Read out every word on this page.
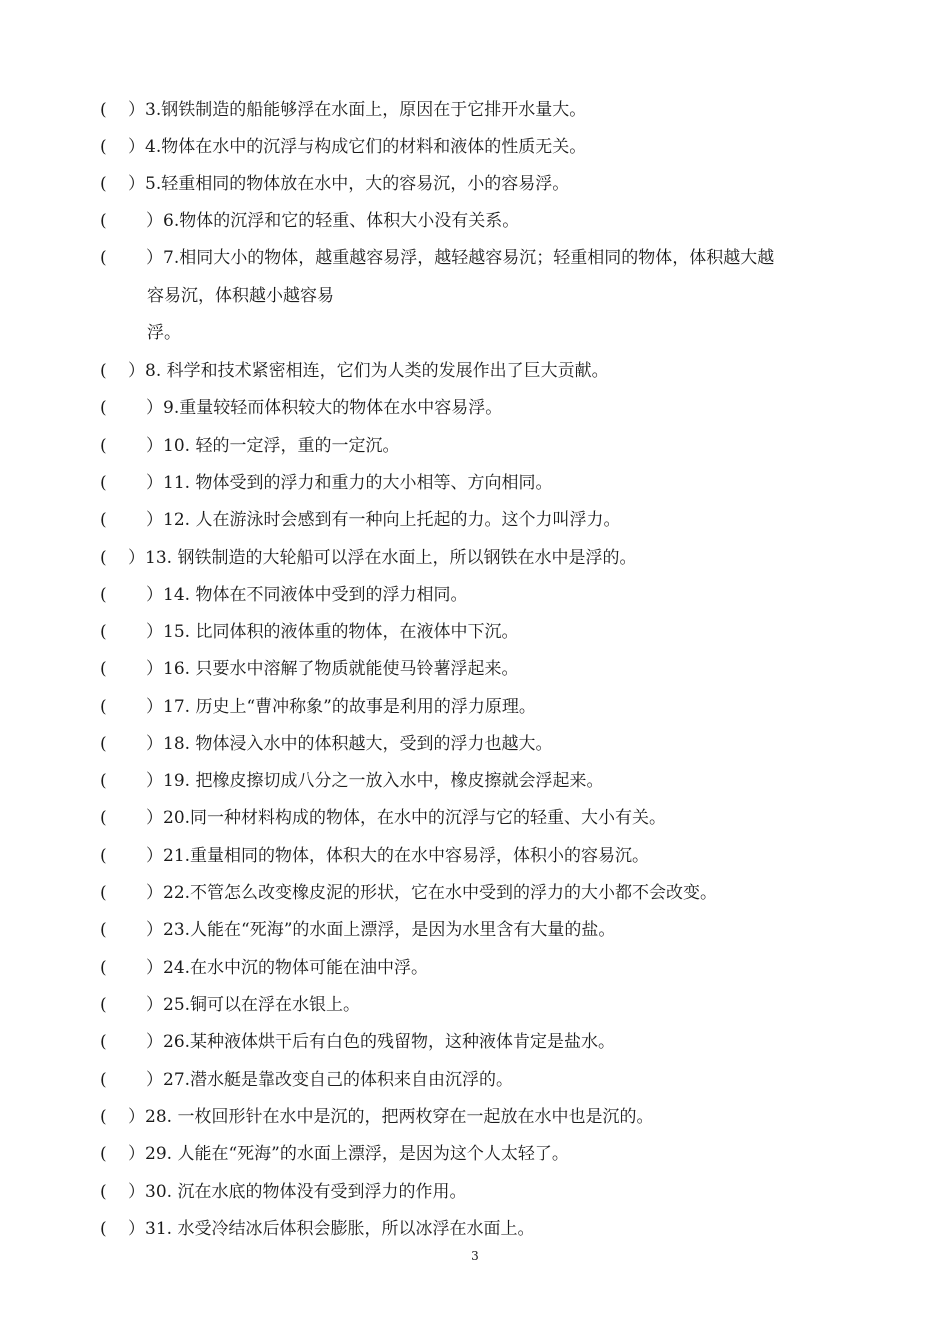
( ）3.钢铁制造的船能够浮在水面上，原因在于它排开水量大。
( ）4.物体在水中的沉浮与构成它们的材料和液体的性质无关。
( ）5.轻重相同的物体放在水中，大的容易沉，小的容易浮。
( ）6.物体的沉浮和它的轻重、体积大小没有关系。
( ）7.相同大小的物体，越重越容易浮，越轻越容易沉；轻重相同的物体，体积越大越
容易沉，体积越小越容易
浮。
( ）8. 科学和技术紧密相连，它们为人类的发展作出了巨大贡献。
( ）9.重量较轻而体积较大的物体在水中容易浮。
( ）10. 轻的一定浮，重的一定沉。
( ）11. 物体受到的浮力和重力的大小相等、方向相同。
( ）12. 人在游泳时会感到有一种向上托起的力。这个力叫浮力。
( ）13. 钢铁制造的大轮船可以浮在水面上，所以钢铁在水中是浮的。
( ）14. 物体在不同液体中受到的浮力相同。
( ）15. 比同体积的液体重的物体，在液体中下沉。
( ）16. 只要水中溶解了物质就能使马铃薯浮起来。
( ）17. 历史上“曹冲称象”的故事是利用的浮力原理。
( ）18. 物体浸入水中的体积越大，受到的浮力也越大。
( ）19. 把橡皮擦切成八分之一放入水中，橡皮擦就会浮起来。
( ）20.同一种材料构成的物体，在水中的沉浮与它的轻重、大小有关。
( ）21.重量相同的物体，体积大的在水中容易浮，体积小的容易沉。
( ）22.不管怎么改变橡皮泥的形状，它在水中受到的浮力的大小都不会改变。
( ）23.人能在“死海”的水面上漂浮，是因为水里含有大量的盐。
( ）24.在水中沉的物体可能在油中浮。
( ）25.铜可以在浮在水银上。
( ）26.某种液体烘干后有白色的残留物，这种液体肯定是盐水。
( ）27.潜水艇是靠改变自己的体积来自由沉浮的。
( ）28. 一枚回形针在水中是沉的，把两枚穿在一起放在水中也是沉的。
( ）29. 人能在“死海”的水面上漂浮，是因为这个人太轻了。
( ）30. 沉在水底的物体没有受到浮力的作用。
( ）31. 水受冷结冰后体积会膨胀，所以冰浮在水面上。
3
